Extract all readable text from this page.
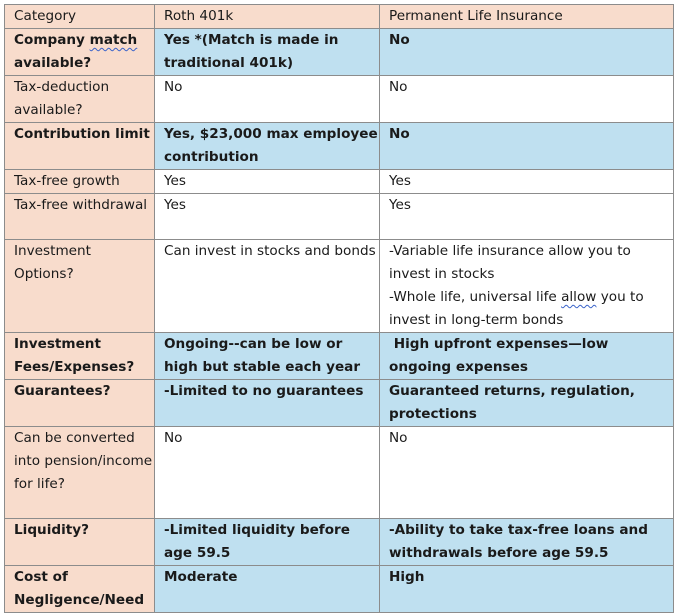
Category	Roth 401k	Permanent Life Insurance
Company match available?	Yes *(Match is made in traditional 401k)	No
Tax-deduction available?	No	No
Contribution limit	Yes, $23,000 max employee contribution	No
Tax-free growth	Yes	Yes
Tax-free withdrawal	Yes	Yes
Investment Options?	Can invest in stocks and bonds	-Variable life insurance allow you to invest in stocks
-Whole life, universal life allow you to invest in long-term bonds

Investment Fees/Expenses?	Ongoing--can be low or high but stable each year	High upfront expenses—low ongoing expenses
Guarantees?	-Limited to no guarantees	Guaranteed returns, regulation, protections
Can be converted into pension/income for life?	No	No
Liquidity?	-Limited liquidity before age 59.5	-Ability to take tax-free loans and withdrawals before age 59.5
Cost of Negligence/Need	Moderate	High
